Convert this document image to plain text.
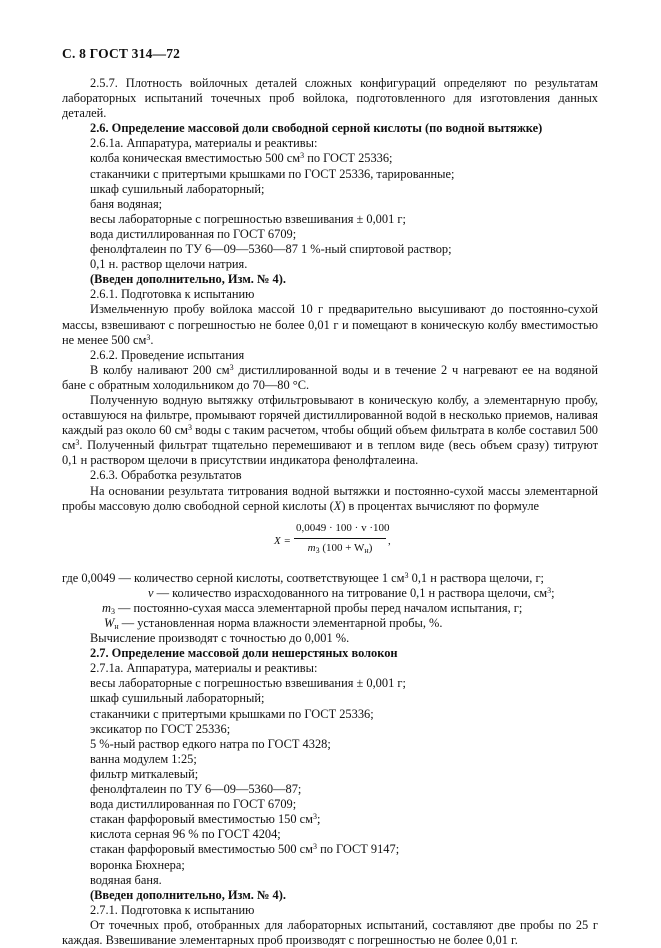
С. 8 ГОСТ 314—72

2.5.7. Плотность войлочных деталей сложных конфигураций определяют по результатам лабораторных испытаний точечных проб войлока, подготовленного для изготовления данных деталей.

2.6. Определение массовой доли свободной серной кислоты (по водной вытяжке)

2.6.1а. Аппаратура, материалы и реактивы:

колба коническая вместимостью 500 $см^3$ по ГОСТ 25336;

стаканчики с притертыми крышками по ГОСТ 25336, тарированные;

шкаф сушильный лабораторный;

баня водяная;

весы лабораторные с погрешностью взвешивания ± 0,001 г;

вода дистиллированная по ГОСТ 6709;

фенолфталеин по ТУ 6—09—5360—87 1 %-ный спиртовой раствор;

0,1 н. раствор щелочи натрия.

(Введен дополнительно, Изм. № 4).

2.6.1. Подготовка к испытанию

Измельченную пробу войлока массой 10 г предварительно высушивают до постоянно-сухой массы, взвешивают с погрешностью не более 0,01 г и помещают в коническую колбу вместимостью не менее 500 $см^3$.

2.6.2. Проведение испытания

В колбу наливают 200 $см^3$ дистиллированной воды и в течение 2 ч нагревают ее на водяной бане с обратным холодильником до 70—80 °С.

Полученную водную вытяжку отфильтровывают в коническую колбу, а элементарную пробу, оставшуюся на фильтре, промывают горячей дистиллированной водой в несколько приемов, наливая каждый раз около 60 $см^3$ воды с таким расчетом, чтобы общий объем фильтрата в колбе составил 500 $см^3$. Полученный фильтрат тщательно перемешивают и в теплом виде (весь объем сразу) титруют 0,1 н раствором щелочи в присутствии индикатора фенолфталеина.

2.6.3. Обработка результатов

На основании результата титрования водной вытяжки и постоянно-сухой массы элементарной пробы массовую долю свободной серной кислоты (X) в процентах вычисляют по формуле

X =
0,0049 · 100 · v ·100
$m_3$ $(100 + W_н)$
,

где 0,0049 — количество серной кислоты, соответствующее 1 $см^3$ 0,1 н раствора щелочи, г;

v — количество израсходованного на титрование 0,1 н раствора щелочи, $см^3$;

$m_3$ — постоянно-сухая масса элементарной пробы перед началом испытания, г;

$W_н$ — установленная норма влажности элементарной пробы, %.

Вычисление производят с точностью до 0,001 %.

2.7. Определение массовой доли нешерстяных волокон

2.7.1а. Аппаратура, материалы и реактивы:

весы лабораторные с погрешностью взвешивания ± 0,001 г;

шкаф сушильный лабораторный;

стаканчики с притертыми крышками по ГОСТ 25336;

эксикатор по ГОСТ 25336;

5 %-ный раствор едкого натра по ГОСТ 4328;

ванна модулем 1:25;

фильтр миткалевый;

фенолфталеин по ТУ 6—09—5360—87;

вода дистиллированная по ГОСТ 6709;

стакан фарфоровый вместимостью 150 $см^3$;

кислота серная 96 % по ГОСТ 4204;

стакан фарфоровый вместимостью 500 $см^3$ по ГОСТ 9147;

воронка Бюхнера;

водяная баня.

(Введен дополнительно, Изм. № 4).

2.7.1. Подготовка к испытанию

От точечных проб, отобранных для лабораторных испытаний, составляют две пробы по 25 г каждая. Взвешивание элементарных проб производят с погрешностью не более 0,01 г.
